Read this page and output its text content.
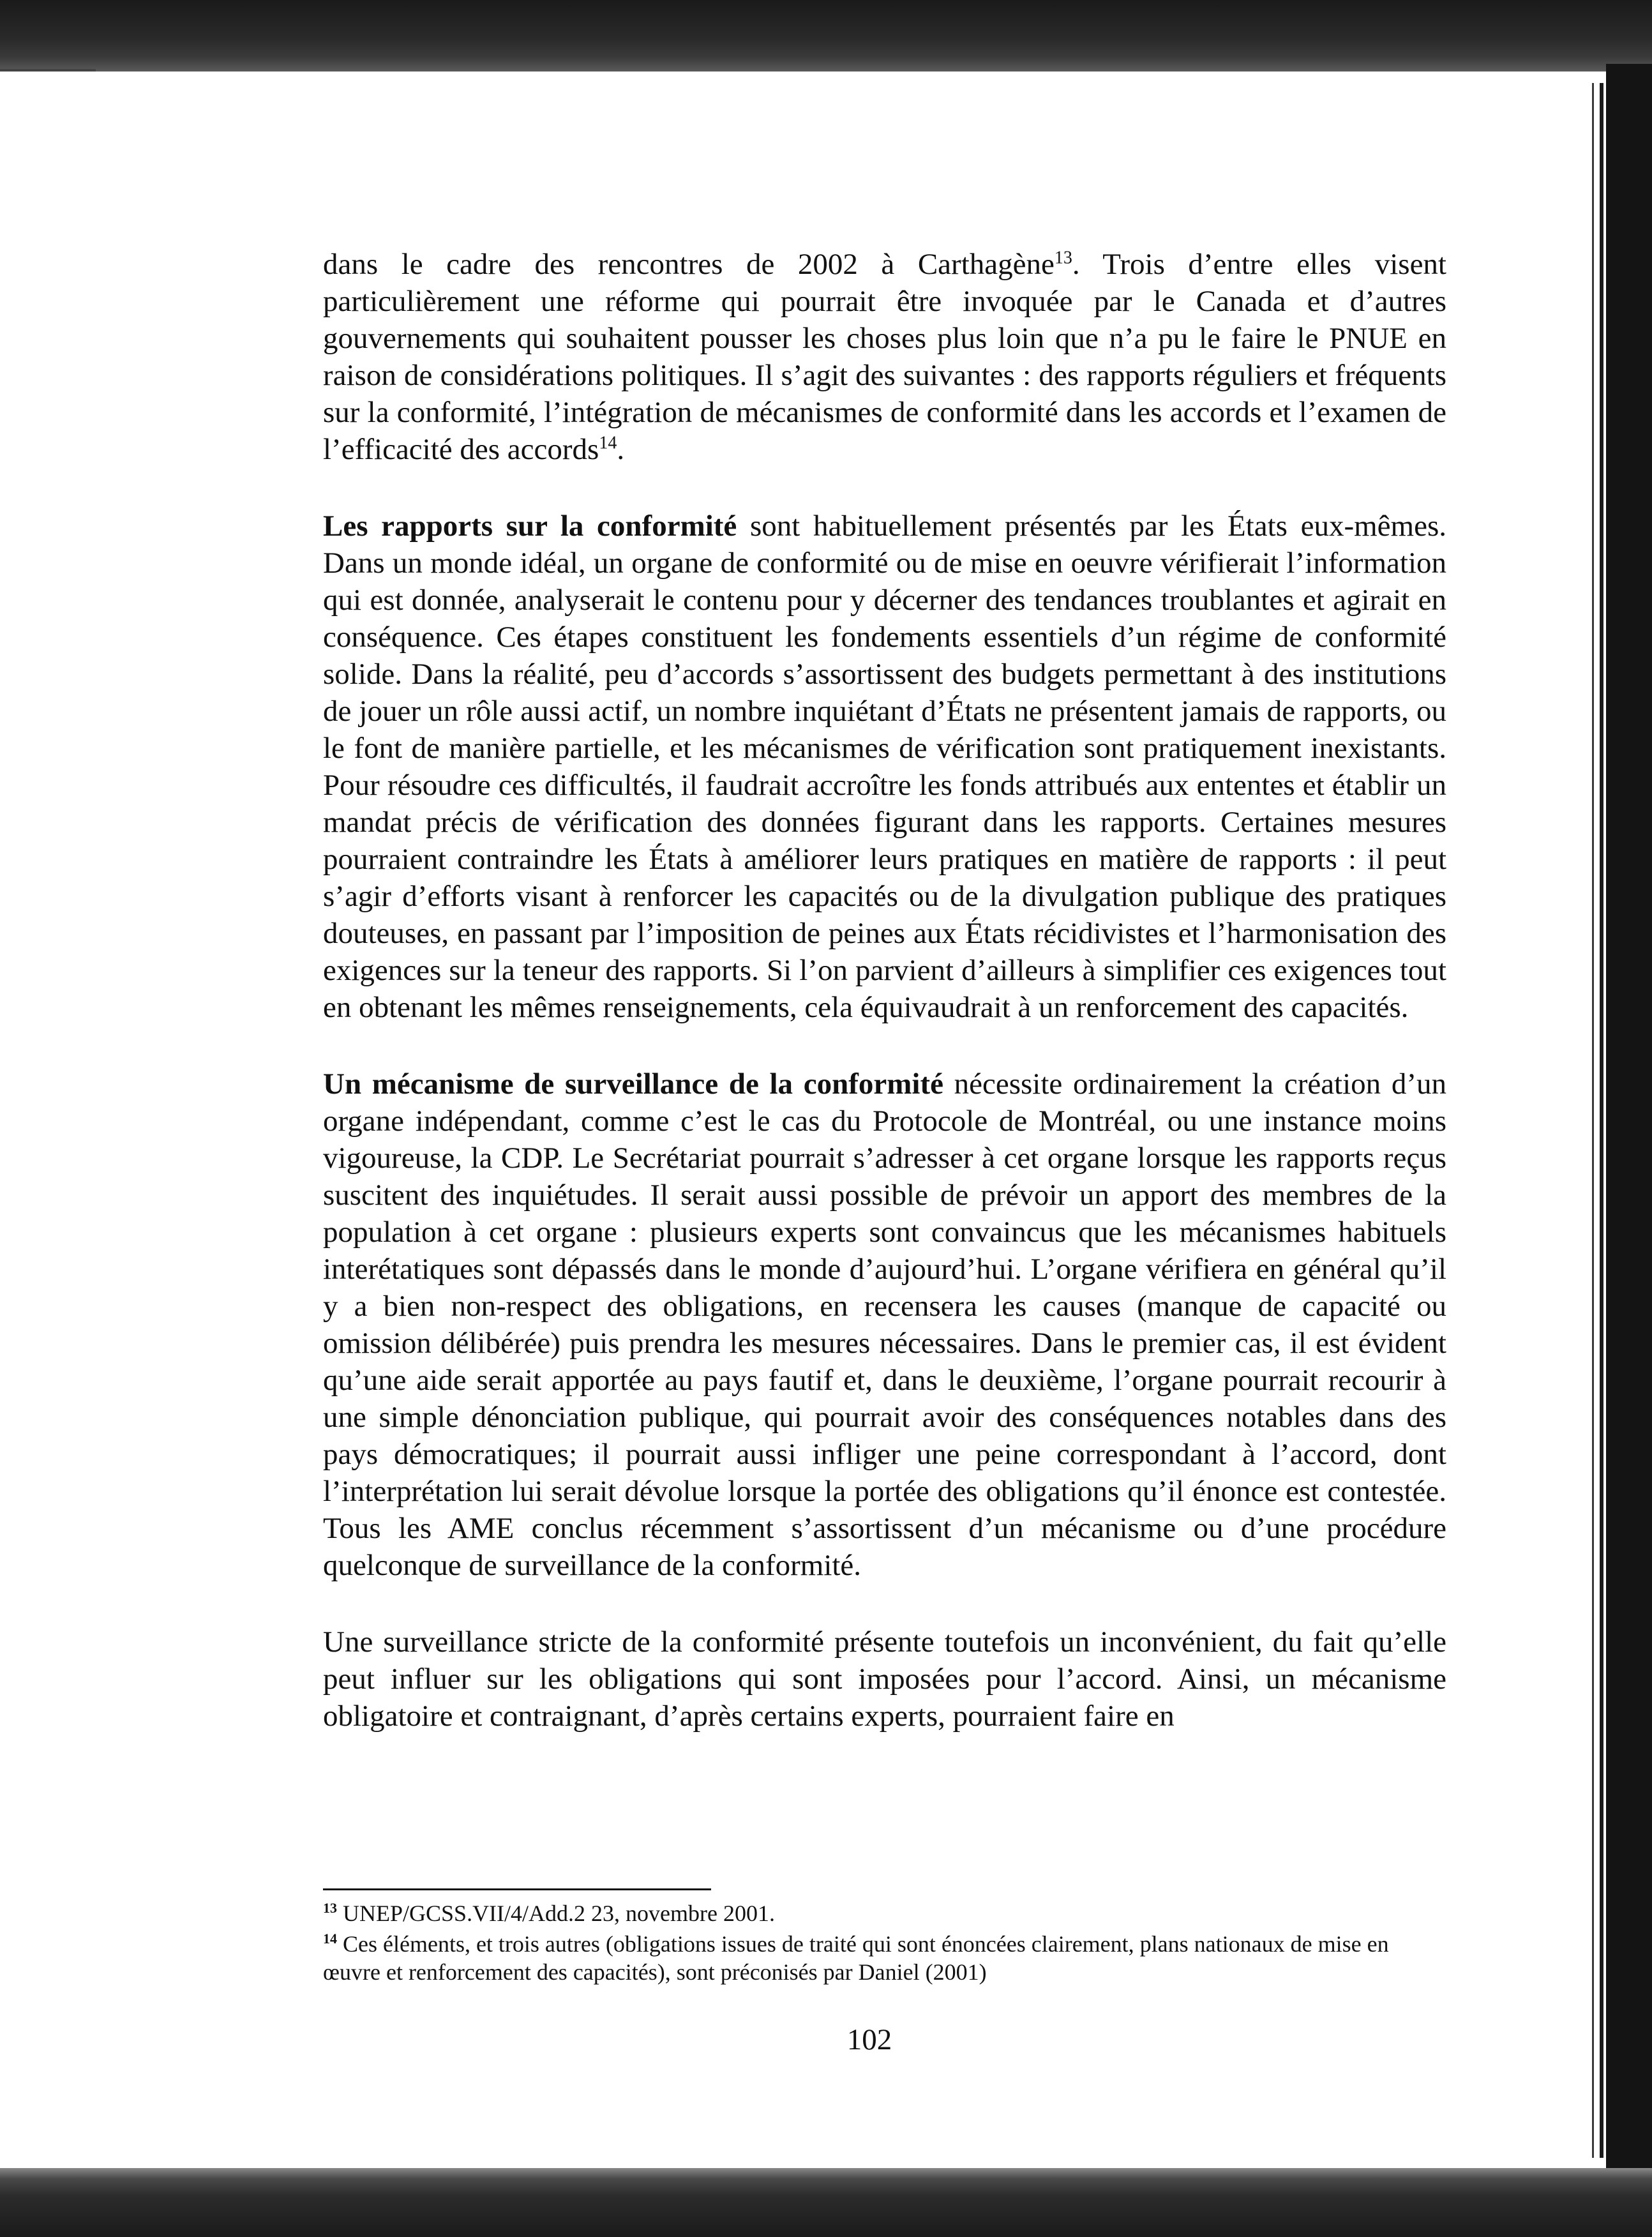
dans le cadre des rencontres de 2002 à Carthagène$^{13}$. Trois d’entre elles visent particulièrement une réforme qui pourrait être invoquée par le Canada et d’autres gouvernements qui souhaitent pousser les choses plus loin que n’a pu le faire le PNUE en raison de considérations politiques. Il s’agit des suivantes : des rapports réguliers et fréquents sur la conformité, l’intégration de mécanismes de conformité dans les accords et l’examen de l’efficacité des accords$^{14}$.

Les rapports sur la conformité sont habituellement présentés par les États eux-mêmes. Dans un monde idéal, un organe de conformité ou de mise en oeuvre vérifierait l’information qui est donnée, analyserait le contenu pour y décerner des tendances troublantes et agirait en conséquence. Ces étapes constituent les fondements essentiels d’un régime de conformité solide. Dans la réalité, peu d’accords s’assortissent des budgets permettant à des institutions de jouer un rôle aussi actif, un nombre inquiétant d’États ne présentent jamais de rapports, ou le font de manière partielle, et les mécanismes de vérification sont pratiquement inexistants. Pour résoudre ces difficultés, il faudrait accroître les fonds attribués aux ententes et établir un mandat précis de vérification des données figurant dans les rapports. Certaines mesures pourraient contraindre les États à améliorer leurs pratiques en matière de rapports : il peut s’agir d’efforts visant à renforcer les capacités ou de la divulgation publique des pratiques douteuses, en passant par l’imposition de peines aux États récidivistes et l’harmonisation des exigences sur la teneur des rapports. Si l’on parvient d’ailleurs à simplifier ces exigences tout en obtenant les mêmes renseignements, cela équivaudrait à un renforcement des capacités.

Un mécanisme de surveillance de la conformité nécessite ordinairement la création d’un organe indépendant, comme c’est le cas du Protocole de Montréal, ou une instance moins vigoureuse, la CDP. Le Secrétariat pourrait s’adresser à cet organe lorsque les rapports reçus suscitent des inquiétudes. Il serait aussi possible de prévoir un apport des membres de la population à cet organe : plusieurs experts sont convaincus que les mécanismes habituels interétatiques sont dépassés dans le monde d’aujourd’hui. L’organe vérifiera en général qu’il y a bien non-respect des obligations, en recensera les causes (manque de capacité ou omission délibérée) puis prendra les mesures nécessaires. Dans le premier cas, il est évident qu’une aide serait apportée au pays fautif et, dans le deuxième, l’organe pourrait recourir à une simple dénonciation publique, qui pourrait avoir des conséquences notables dans des pays démocratiques; il pourrait aussi infliger une peine correspondant à l’accord, dont l’interprétation lui serait dévolue lorsque la portée des obligations qu’il énonce est contestée. Tous les AME conclus récemment s’assortissent d’un mécanisme ou d’une procédure quelconque de surveillance de la conformité.

Une surveillance stricte de la conformité présente toutefois un inconvénient, du fait qu’elle peut influer sur les obligations qui sont imposées pour l’accord. Ainsi, un mécanisme obligatoire et contraignant, d’après certains experts, pourraient faire en

$^{13}$ UNEP/GCSS.VII/4/Add.2 23, novembre 2001.

$^{14}$ Ces éléments, et trois autres (obligations issues de traité qui sont énoncées clairement, plans nationaux de mise en œuvre et renforcement des capacités), sont préconisés par Daniel (2001)

102
